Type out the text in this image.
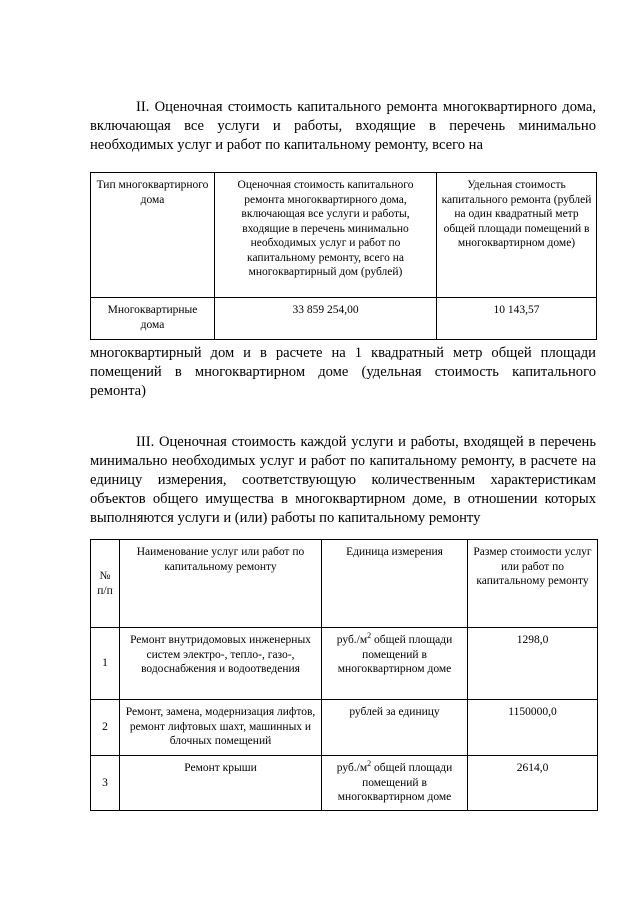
II. Оценочная стоимость капитального ремонта многоквартирного дома, включающая все услуги и работы, входящие в перечень минимально необходимых услуг и работ по капитальному ремонту, всего на

Тип многоквартирного дома	Оценочная стоимость капитального ремонта многоквартирного дома, включающая все услуги и работы, входящие в перечень минимально необходимых услуг и работ по капитальному ремонту, всего на многоквартирный дом (рублей)	Удельная стоимость капитального ремонта (рублей на один квадратный метр общей площади помещений в многоквартирном доме)
Многоквартирные дома	33 859 254,00	10 143,57

многоквартирный дом и в расчете на 1 квадратный метр общей площади помещений в многоквартирном доме (удельная стоимость капитального ремонта)

III. Оценочная стоимость каждой услуги и работы, входящей в перечень минимально необходимых услуг и работ по капитальному ремонту, в расчете на единицу измерения, соответствующую количественным характеристикам объектов общего имущества в многоквартирном доме, в отношении которых выполняются услуги и (или) работы по капитальному ремонту

№ п/п	Наименование услуг или работ по капитальному ремонту	Единица измерения	Размер стоимости услуг или работ по капитальному ремонту
1	Ремонт внутридомовых инженерных систем электро-, тепло-, газо-, водоснабжения и водоотведения	$руб./м^2$ общей площади помещений в многоквартирном доме	1298,0
2	Ремонт, замена, модернизация лифтов, ремонт лифтовых шахт, машинных и блочных помещений	рублей за единицу	1150000,0
3	Ремонт крыши	$руб./м^2$ общей площади помещений в многоквартирном доме	2614,0
